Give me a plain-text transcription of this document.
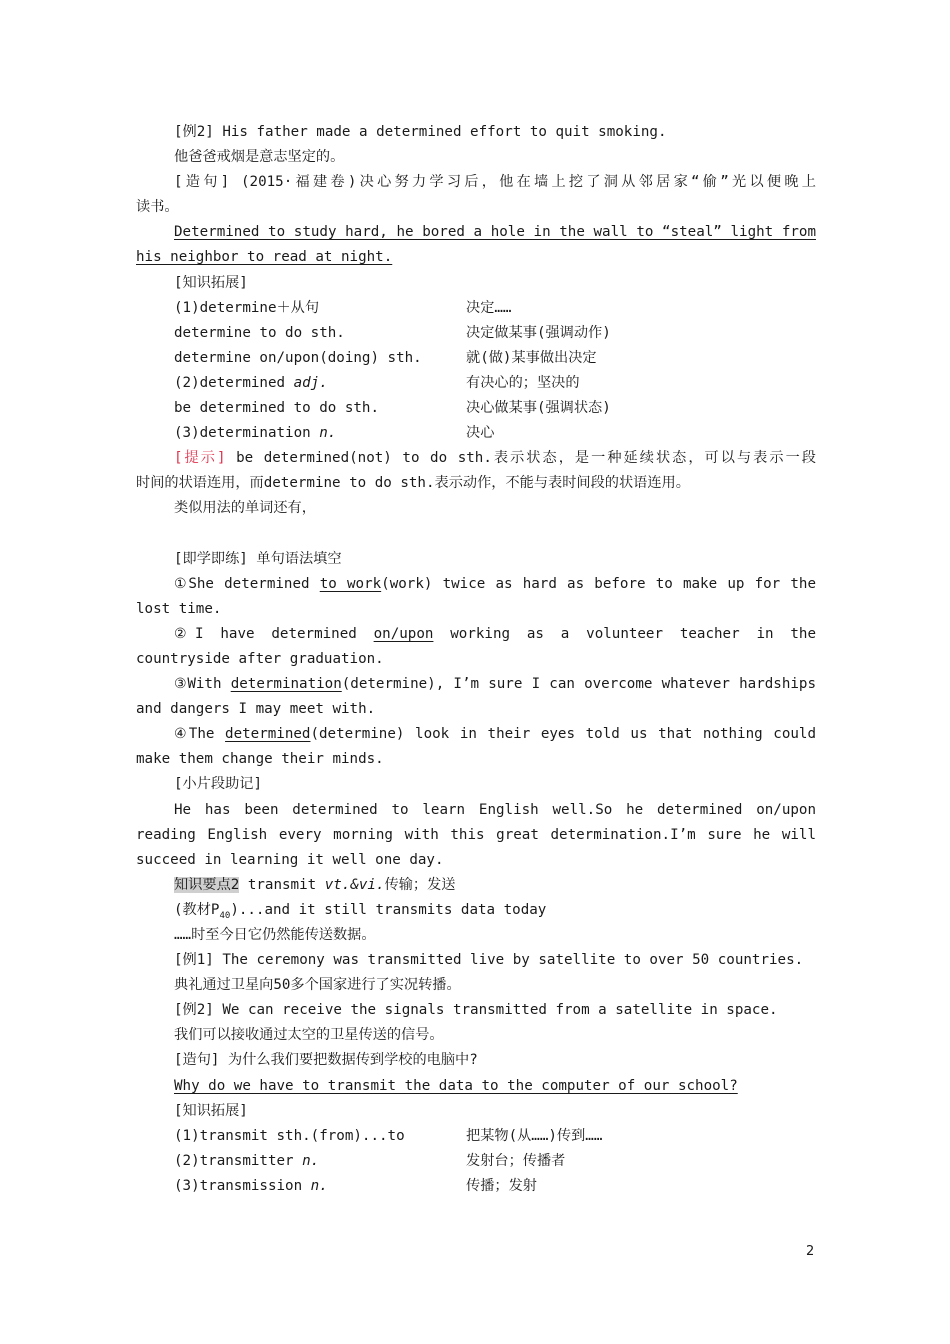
[例2] His father made a determined effort to quit smoking.
他爸爸戒烟是意志坚定的。
[造句] (2015·福建卷)决心努力学习后，他在墙上挖了洞从邻居家“偷”光以便晚上
读书。
Determined to study hard, he bored a hole in the wall to “steal” light from
his neighbor to read at night.
[知识拓展]
(1)determine＋从句	决定……
determine to do sth.	决定做某事(强调动作)
determine on/upon(doing) sth.	就(做)某事做出决定
(2)determined adj.	有决心的；坚决的
be determined to do sth.	决心做某事(强调状态)
(3)determination n.	决心
[提示] be determined(not) to do sth.表示状态，是一种延续状态，可以与表示一段
时间的状语连用，而determine to do sth.表示动作，不能与表时间段的状语连用。
类似用法的单词还有，
[即学即练] 单句语法填空
①She determined to work(work) twice as hard as before to make up for the
lost time.
②I have determined on/upon working as a volunteer teacher in the
countryside after graduation.
③With determination(determine), I’m sure I can overcome whatever hardships
and dangers I may meet with.
④The determined(determine) look in their eyes told us that nothing could
make them change their minds.
[小片段助记]
He has been determined to learn English well.So he determined on/upon
reading English every morning with this great determination.I’m sure he will
succeed in learning it well one day.
知识要点2 transmit vt.&vi.传输；发送
(教材$P_{40})...and$ it still transmits data today
……时至今日它仍然能传送数据。
[例1] The ceremony was transmitted live by satellite to over 50 countries.
典礼通过卫星向50多个国家进行了实况转播。
[例2] We can receive the signals transmitted from a satellite in space.
我们可以接收通过太空的卫星传送的信号。
[造句] 为什么我们要把数据传到学校的电脑中?
Why do we have to transmit the data to the computer of our school?
[知识拓展]
(1)transmit sth.(from)...to	把某物(从……)传到……
(2)transmitter n.	发射台；传播者
(3)transmission n.	传播；发射
2
